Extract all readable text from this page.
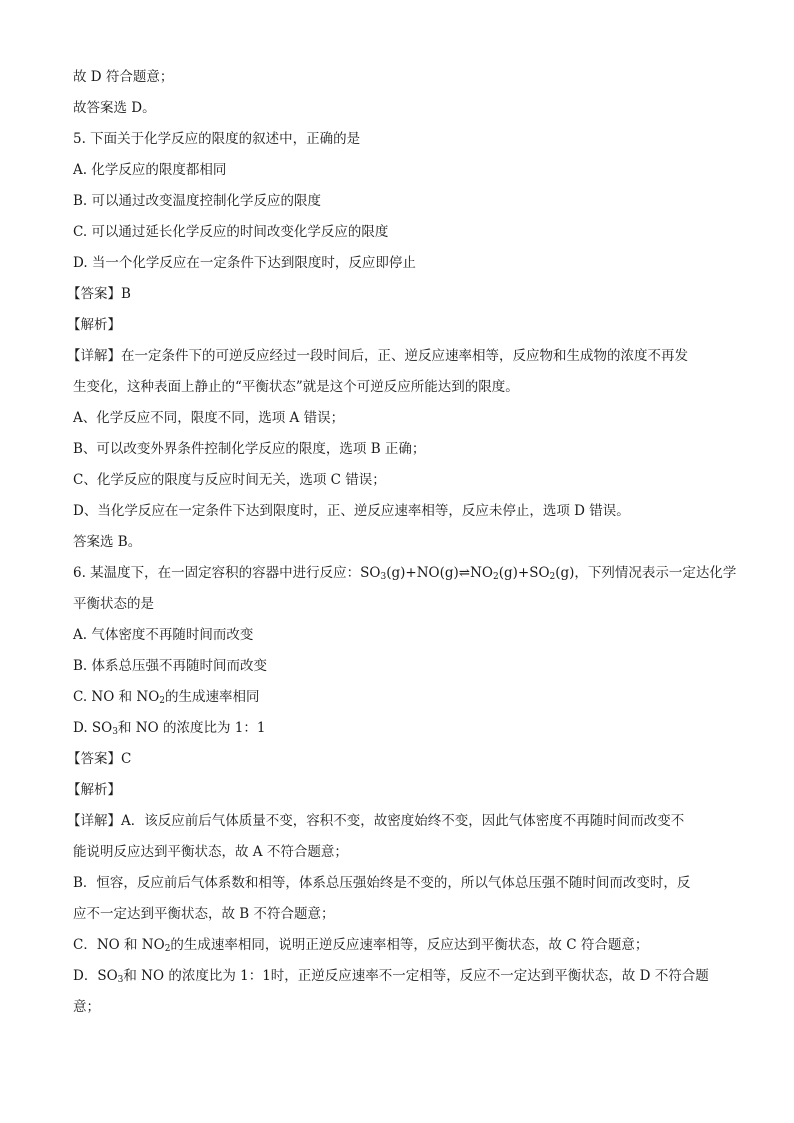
故 D 符合题意；
故答案选 D。
5. 下面关于化学反应的限度的叙述中，正确的是
A. 化学反应的限度都相同
B. 可以通过改变温度控制化学反应的限度
C. 可以通过延长化学反应的时间改变化学反应的限度
D. 当一个化学反应在一定条件下达到限度时，反应即停止
【答案】B
【解析】
【详解】在一定条件下的可逆反应经过一段时间后，正、逆反应速率相等，反应物和生成物的浓度不再发
生变化，这种表面上静止的“平衡状态”就是这个可逆反应所能达到的限度。
A、化学反应不同，限度不同，选项 A 错误；
B、可以改变外界条件控制化学反应的限度，选项 B 正确；
C、化学反应的限度与反应时间无关，选项 C 错误；
D、当化学反应在一定条件下达到限度时，正、逆反应速率相等，反应未停止，选项 D 错误。
答案选 B。
6. 某温度下，在一固定容积的容器中进行反应：$SO_3(g)+NO(g)\rightleftharpoons NO_2(g)+SO_2(g)$，下列情况表示一定达化学
平衡状态的是
A. 气体密度不再随时间而改变
B. 体系总压强不再随时间而改变
C. NO 和 $NO_2$的生成速率相同
D. $SO_3$和 NO 的浓度比为 1：1
【答案】C
【解析】
【详解】A．该反应前后气体质量不变，容积不变，故密度始终不变，因此气体密度不再随时间而改变不
能说明反应达到平衡状态，故 A 不符合题意；
B．恒容，反应前后气体系数和相等，体系总压强始终是不变的，所以气体总压强不随时间而改变时，反
应不一定达到平衡状态，故 B 不符合题意；
C．NO 和 $NO_2$的生成速率相同，说明正逆反应速率相等，反应达到平衡状态，故 C 符合题意；
D．$SO_3$和 NO 的浓度比为 1：1时，正逆反应速率不一定相等，反应不一定达到平衡状态，故 D 不符合题
意；
